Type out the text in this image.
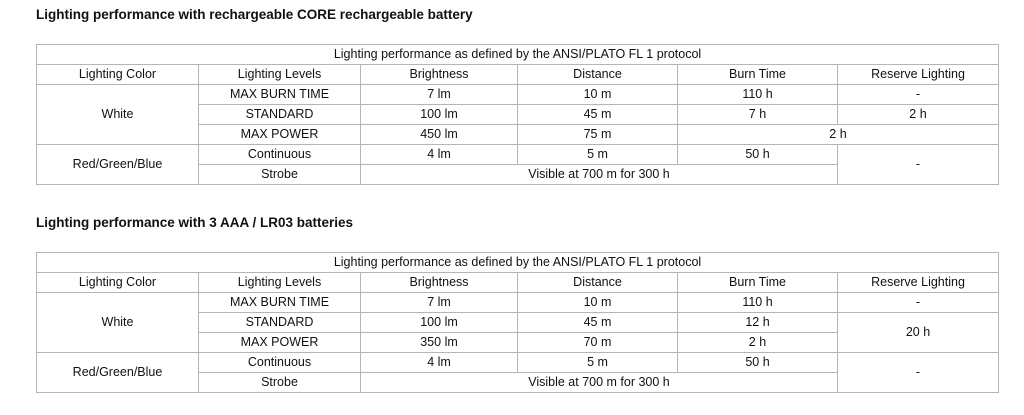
Lighting performance with rechargeable CORE rechargeable battery
Lighting performance as defined by the ANSI/PLATO FL 1 protocol					
Lighting Color	Lighting Levels	Brightness	Distance	Burn Time	Reserve Lighting
White	MAX BURN TIME	7 lm	10 m	110 h	-
	STANDARD	100 lm	45 m	7 h	2 h
	MAX POWER	450 lm	75 m	2 h	
Red/Green/Blue	Continuous	4 lm	5 m	50 h	-
	Strobe	Visible at 700 m for 300 h			
Lighting performance with 3 AAA / LR03 batteries
Lighting performance as defined by the ANSI/PLATO FL 1 protocol					
Lighting Color	Lighting Levels	Brightness	Distance	Burn Time	Reserve Lighting
White	MAX BURN TIME	7 lm	10 m	110 h	-
	STANDARD	100 lm	45 m	12 h	20 h
	MAX POWER	350 lm	70 m	2 h	
Red/Green/Blue	Continuous	4 lm	5 m	50 h	-
	Strobe	Visible at 700 m for 300 h			
